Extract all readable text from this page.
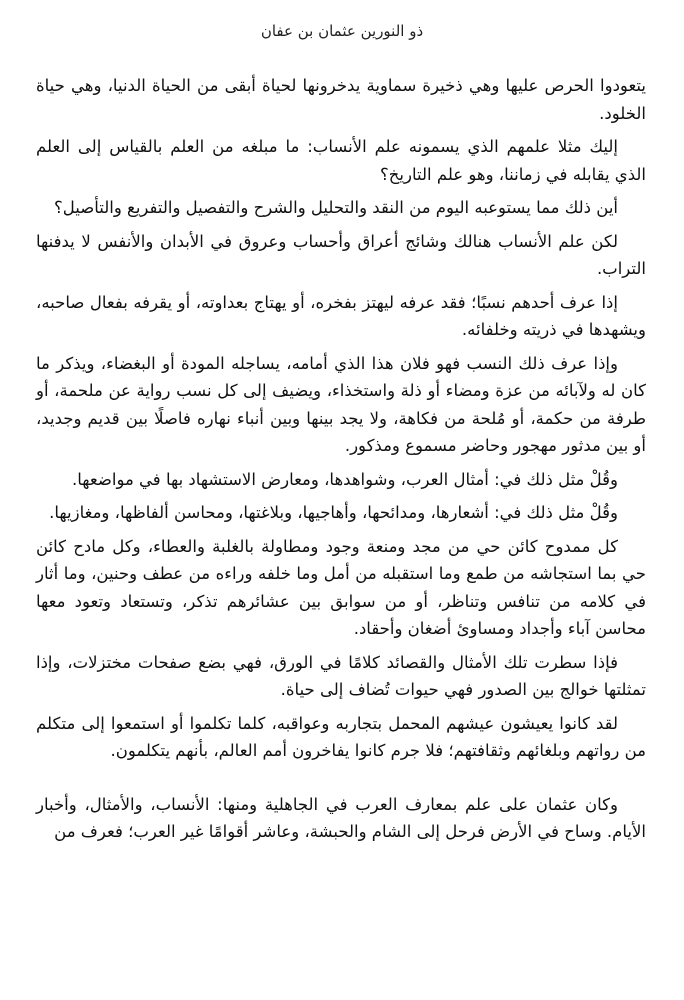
ذو النورين عثمان بن عفان

يتعودوا الحرص عليها وهي ذخيرة سماوية يدخرونها لحياة أبقى من الحياة الدنيا، وهي حياة الخلود.

إليك مثلا علمهم الذي يسمونه علم الأنساب: ما مبلغه من العلم بالقياس إلى العلم الذي يقابله في زماننا، وهو علم التاريخ؟

أين ذلك مما يستوعبه اليوم من النقد والتحليل والشرح والتفصيل والتفريع والتأصيل؟

لكن علم الأنساب هنالك وشائج أعراق وأحساب وعروق في الأبدان والأنفس لا يدفنها التراب.

إذا عرف أحدهم نسبًا؛ فقد عرفه ليهتز بفخره، أو يهتاج بعداوته، أو يقرفه بفعال صاحبه، ويشهدها في ذريته وخلفائه.

وإذا عرف ذلك النسب فهو فلان هذا الذي أمامه، يساجله المودة أو البغضاء، ويذكر ما كان له ولآبائه من عزة ومضاء أو ذلة واستخذاء، ويضيف إلى كل نسب رواية عن ملحمة، أو طرفة من حكمة، أو مُلحة من فكاهة، ولا يجد بينها وبين أنباء نهاره فاصلًا بين قديم وجديد، أو بين مدثور مهجور وحاضر مسموع ومذكور.

وقُلْ مثل ذلك في: أمثال العرب، وشواهدها، ومعارض الاستشهاد بها في مواضعها.

وقُلْ مثل ذلك في: أشعارها، ومدائحها، وأهاجيها، وبلاغتها، ومحاسن ألفاظها، ومغازيها.

كل ممدوح كائن حي من مجد ومنعة وجود ومطاولة بالغلبة والعطاء، وكل مادح كائن حي بما استجاشه من طمع وما استقبله من أمل وما خلفه وراءه من عطف وحنين، وما أثار في كلامه من تنافس وتناظر، أو من سوابق بين عشائرهم تذكر، وتستعاد وتعود معها محاسن آباء وأجداد ومساوئ أضغان وأحقاد.

فإذا سطرت تلك الأمثال والقصائد كلامًا في الورق، فهي بضع صفحات مختزلات، وإذا تمثلتها خوالج بين الصدور فهي حيوات تُضاف إلى حياة.

لقد كانوا يعيشون عيشهم المحمل بتجاربه وعواقبه، كلما تكلموا أو استمعوا إلى متكلم من رواتهم وبلغائهم وثقافتهم؛ فلا جرم كانوا يفاخرون أمم العالم، بأنهم يتكلمون.

وكان عثمان على علم بمعارف العرب في الجاهلية ومنها: الأنساب، والأمثال، وأخبار الأيام. وساح في الأرض فرحل إلى الشام والحبشة، وعاشر أقوامًا غير العرب؛ فعرف من
